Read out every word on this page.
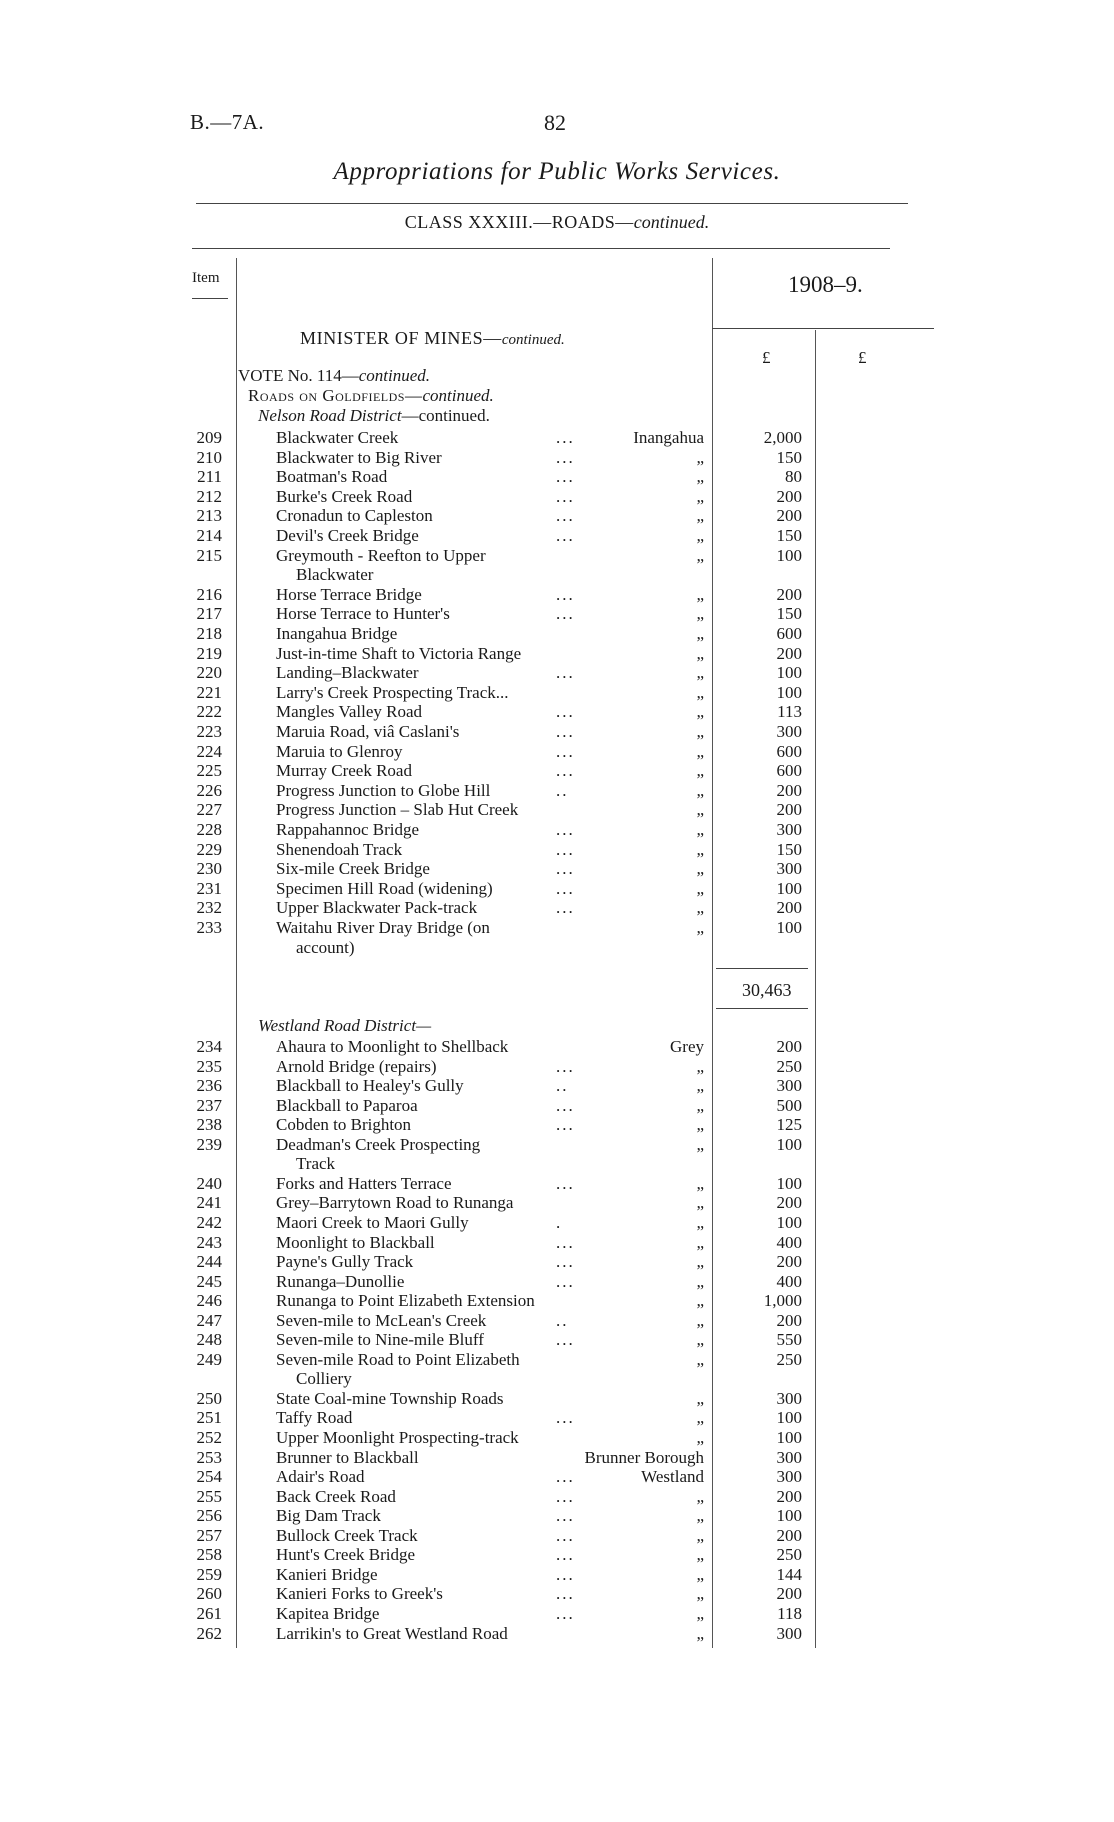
B.—7A.	82
Appropriations for Public Works Services.
CLASS XXXIII.—ROADS—continued.
Item	1908–9.
£	£
MINISTER OF MINES—continued.
VOTE No. 114—continued.
Roads on Goldfields—continued.
Nelson Road District—continued.
209	Blackwater Creek	...	Inangahua	2,000
210	Blackwater to Big River	...	„	150
211	Boatman's Road	...	„	80
212	Burke's Creek Road	...	„	200
213	Cronadun to Capleston	...	„	200
214	Devil's Creek Bridge	...	„	150
215	Greymouth - Reefton to Upper	„	100
Blackwater
216	Horse Terrace Bridge	...	„	200
217	Horse Terrace to Hunter's	...	„	150
218	Inangahua Bridge	„	600
219	Just-in-time Shaft to Victoria Range	„	200
220	Landing–Blackwater	...	„	100
221	Larry's Creek Prospecting Track...	„	100
222	Mangles Valley Road	...	„	113
223	Maruia Road, viâ Caslani's	...	„	300
224	Maruia to Glenroy	...	„	600
225	Murray Creek Road	...	„	600
226	Progress Junction to Globe Hill	..	„	200
227	Progress Junction – Slab Hut Creek	„	200
228	Rappahannoc Bridge	...	„	300
229	Shenendoah Track	...	„	150
230	Six-mile Creek Bridge	...	„	300
231	Specimen Hill Road (widening)	...	„	100
232	Upper Blackwater Pack-track	...	„	200
233	Waitahu River Dray Bridge (on	„	100
account)
30,463
Westland Road District—
234	Ahaura to Moonlight to Shellback	Grey	200
235	Arnold Bridge (repairs)	...	„	250
236	Blackball to Healey's Gully	..	„	300
237	Blackball to Paparoa	...	„	500
238	Cobden to Brighton	...	„	125
239	Deadman's Creek Prospecting	„	100
Track
240	Forks and Hatters Terrace	...	„	100
241	Grey–Barrytown Road to Runanga	„	200
242	Maori Creek to Maori Gully	.	„	100
243	Moonlight to Blackball	...	„	400
244	Payne's Gully Track	...	„	200
245	Runanga–Dunollie	...	„	400
246	Runanga to Point Elizabeth Extension	„	1,000
247	Seven-mile to McLean's Creek	..	„	200
248	Seven-mile to Nine-mile Bluff	...	„	550
249	Seven-mile Road to Point Elizabeth	„	250
Colliery
250	State Coal-mine Township Roads	„	300
251	Taffy Road	...	„	100
252	Upper Moonlight Prospecting-track	„	100
253	Brunner to Blackball	Brunner Borough	300
254	Adair's Road	...	Westland	300
255	Back Creek Road	...	„	200
256	Big Dam Track	...	„	100
257	Bullock Creek Track	...	„	200
258	Hunt's Creek Bridge	...	„	250
259	Kanieri Bridge	...	„	144
260	Kanieri Forks to Greek's	...	„	200
261	Kapitea Bridge	...	„	118
262	Larrikin's to Great Westland Road	„	300
